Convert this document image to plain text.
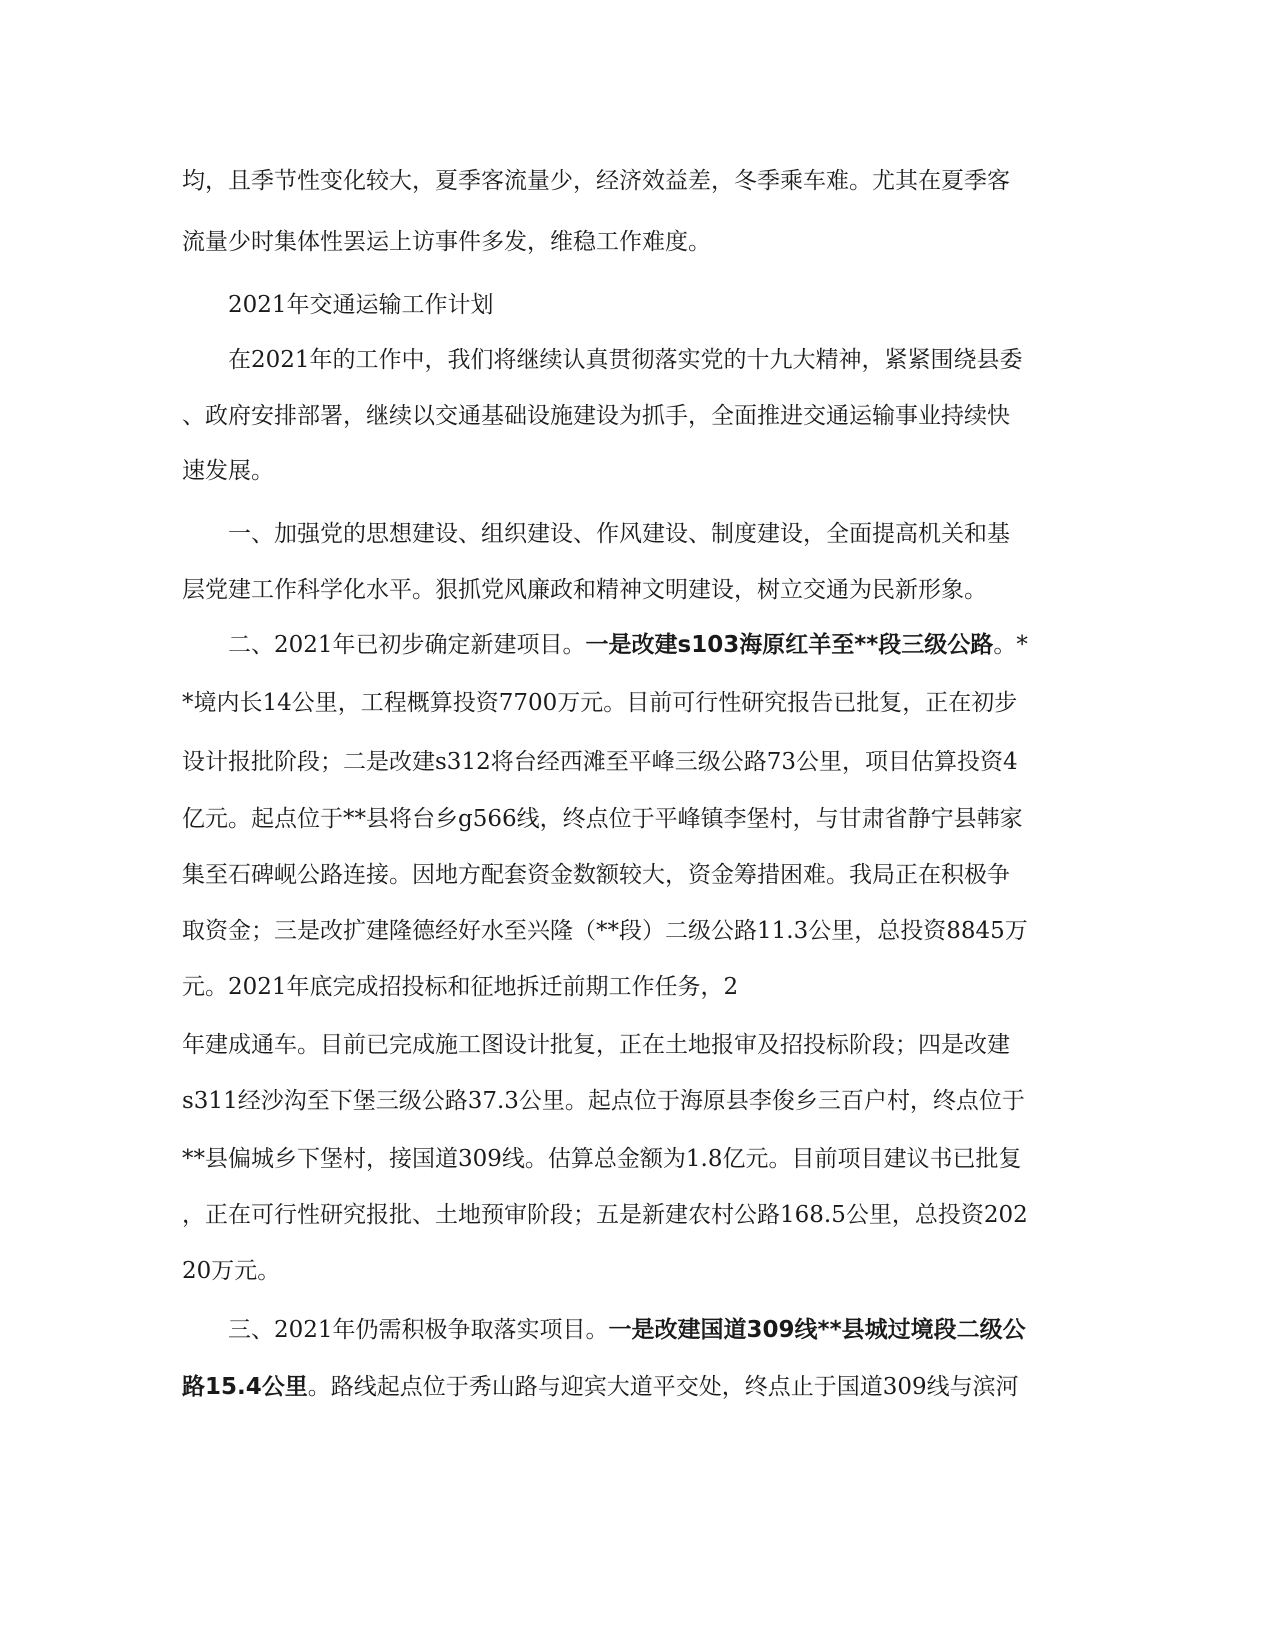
均，且季节性变化较大，夏季客流量少，经济效益差，冬季乘车难。尤其在夏季客
流量少时集体性罢运上访事件多发，维稳工作难度。
2021年交通运输工作计划
在2021年的工作中，我们将继续认真贯彻落实党的十九大精神，紧紧围绕县委
、政府安排部署，继续以交通基础设施建设为抓手，全面推进交通运输事业持续快
速发展。
一、加强党的思想建设、组织建设、作风建设、制度建设，全面提高机关和基
层党建工作科学化水平。狠抓党风廉政和精神文明建设，树立交通为民新形象。
二、2021年已初步确定新建项目。一是改建s103海原红羊至**段三级公路。*
*境内长14公里，工程概算投资7700万元。目前可行性研究报告已批复，正在初步
设计报批阶段；二是改建s312将台经西滩至平峰三级公路73公里，项目估算投资4
亿元。起点位于**县将台乡g566线，终点位于平峰镇李堡村，与甘肃省静宁县韩家
集至石碑岘公路连接。因地方配套资金数额较大，资金筹措困难。我局正在积极争
取资金；三是改扩建隆德经好水至兴隆（**段）二级公路11.3公里，总投资8845万
元。2021年底完成招投标和征地拆迁前期工作任务，2
年建成通车。目前已完成施工图设计批复，正在土地报审及招投标阶段；四是改建
s311经沙沟至下堡三级公路37.3公里。起点位于海原县李俊乡三百户村，终点位于
**县偏城乡下堡村，接国道309线。估算总金额为1.8亿元。目前项目建议书已批复
，正在可行性研究报批、土地预审阶段；五是新建农村公路168.5公里，总投资202
20万元。
三、2021年仍需积极争取落实项目。一是改建国道309线**县城过境段二级公
路15.4公里。路线起点位于秀山路与迎宾大道平交处，终点止于国道309线与滨河
